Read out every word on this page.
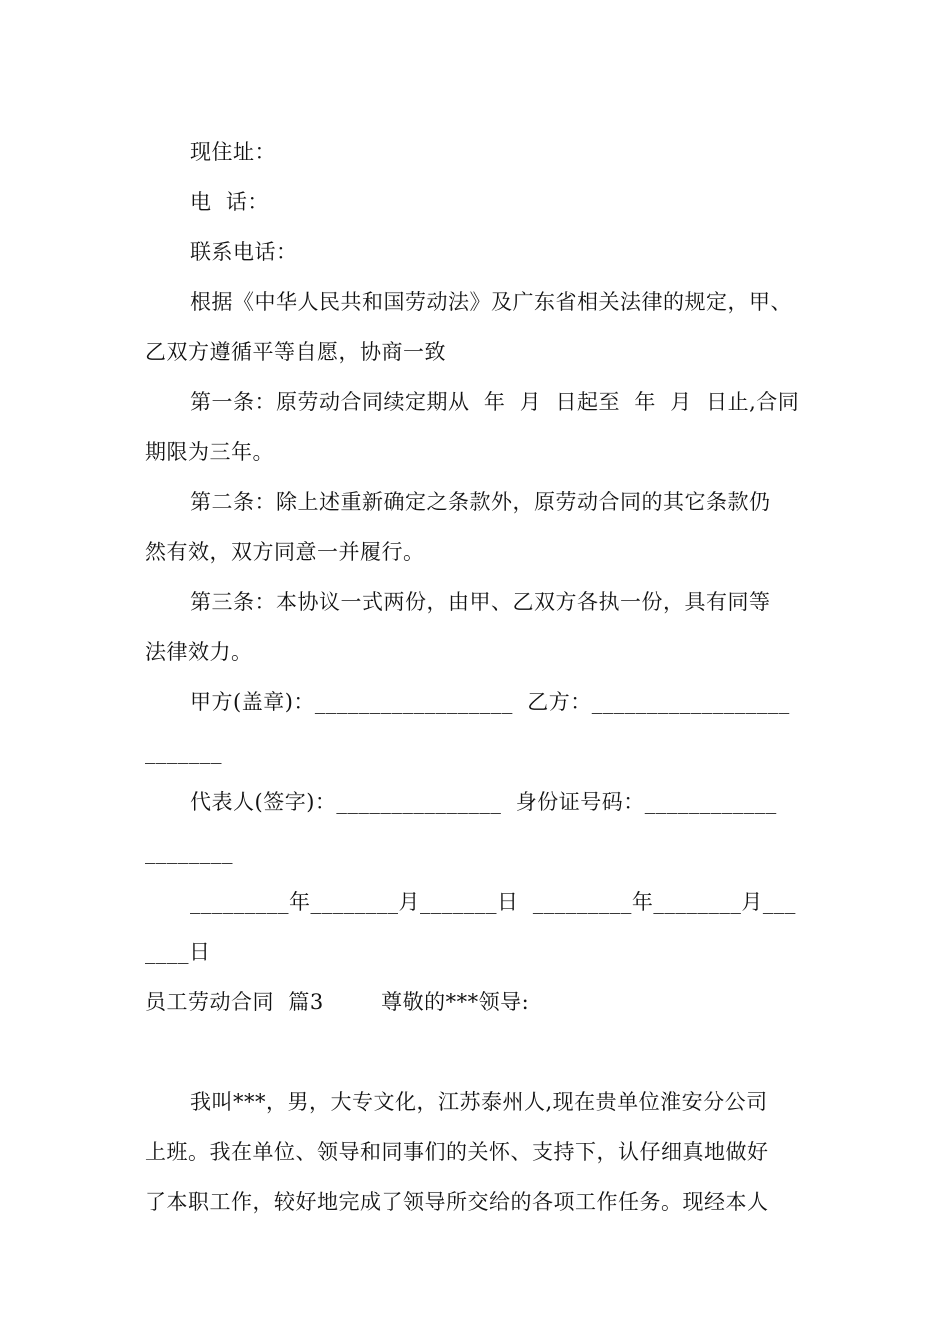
现住址：
电  话：
联系电话：
根据《中华人民共和国劳动法》及广东省相关法律的规定，甲、
乙双方遵循平等自愿，协商一致
第一条：原劳动合同续定期从  年  月  日起至  年  月  日止,合同
期限为三年。
第二条：除上述重新确定之条款外，原劳动合同的其它条款仍
然有效，双方同意一并履行。
第三条：本协议一式两份，由甲、乙双方各执一份，具有同等
法律效力。
甲方(盖章)：__________________  乙方：__________________
_______
代表人(签字)：_______________  身份证号码：____________
________
_________年________月_______日  _________年________月___
____日
员工劳动合同  篇3        尊敬的***领导:
我叫***，男，大专文化，江苏泰州人,现在贵单位淮安分公司
上班。我在单位、领导和同事们的关怀、支持下，认仔细真地做好
了本职工作，较好地完成了领导所交给的各项工作任务。现经本人
